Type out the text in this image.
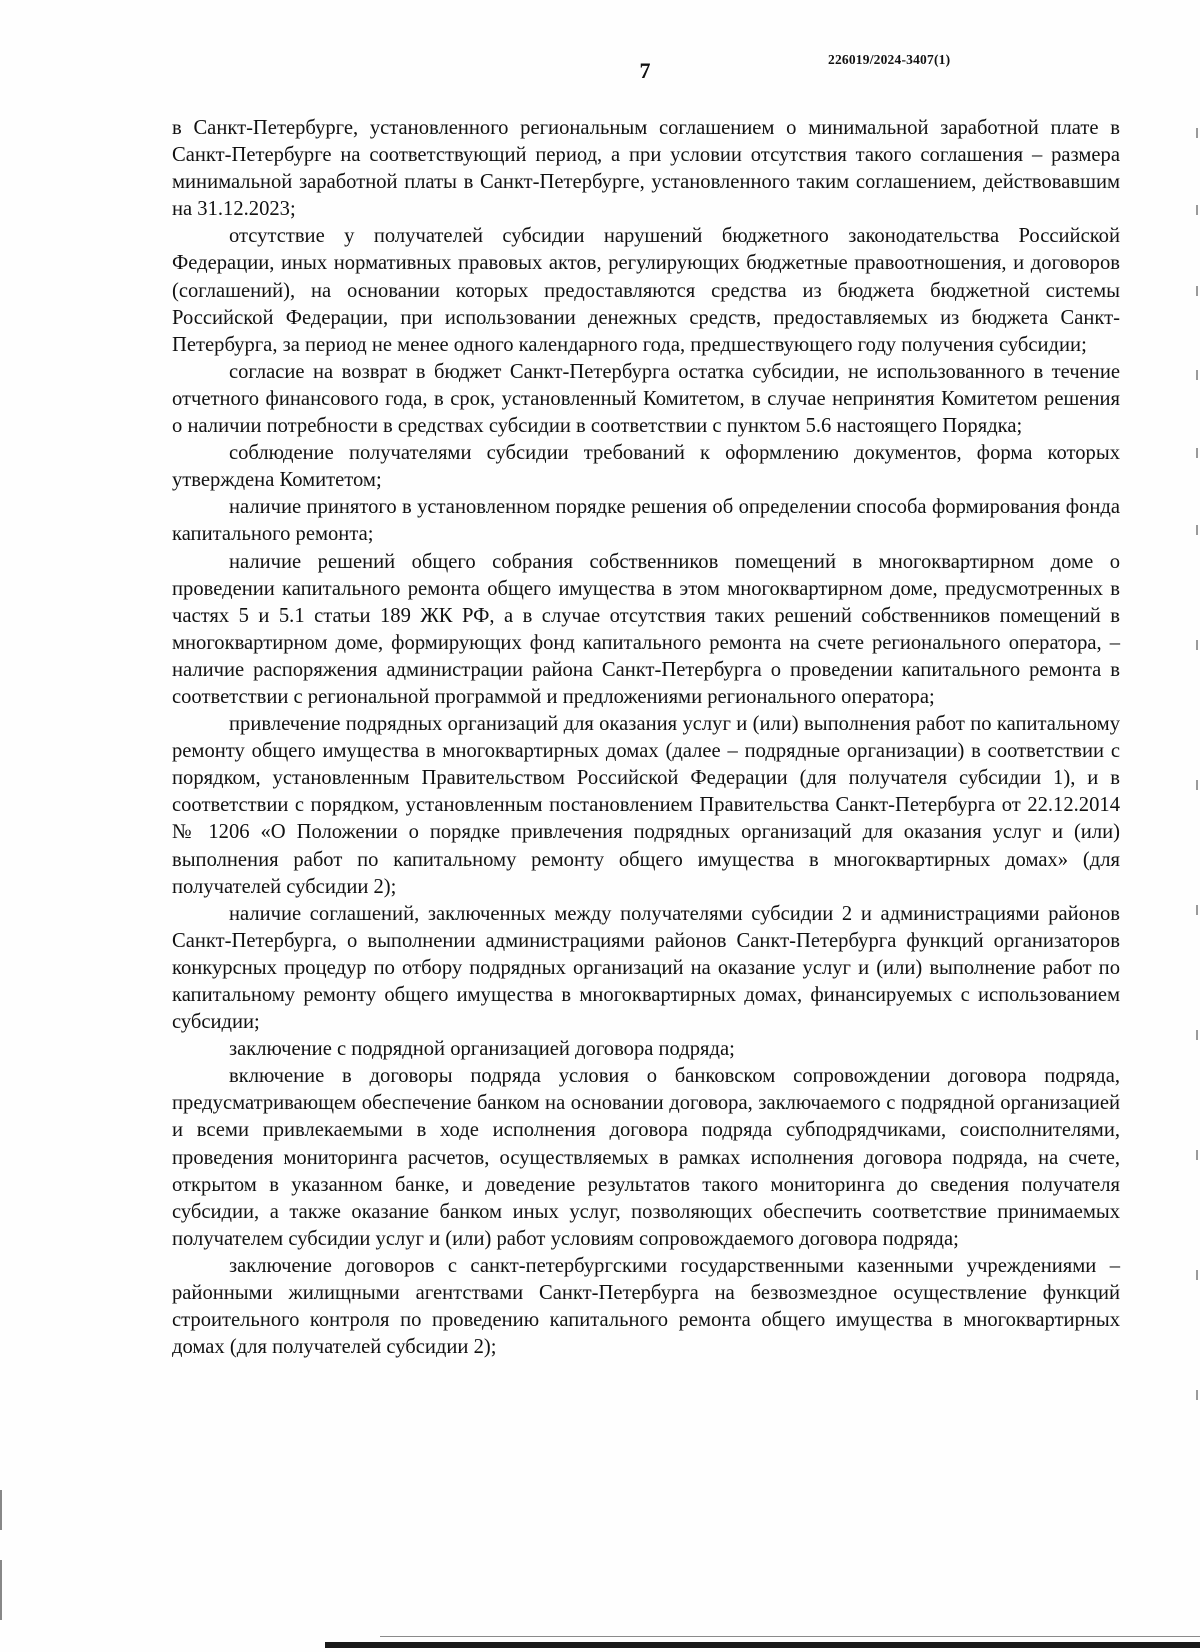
7	226019/2024-3407(1)

в Санкт-Петербурге, установленного региональным соглашением о минимальной заработной плате в Санкт-Петербурге на соответствующий период, а при условии отсутствия такого соглашения – размера минимальной заработной платы в Санкт-Петербурге, установленного таким соглашением, действовавшим на 31.12.2023;

отсутствие у получателей субсидии нарушений бюджетного законодательства Российской Федерации, иных нормативных правовых актов, регулирующих бюджетные правоотношения, и договоров (соглашений), на основании которых предоставляются средства из бюджета бюджетной системы Российской Федерации, при использовании денежных средств, предоставляемых из бюджета Санкт-Петербурга, за период не менее одного календарного года, предшествующего году получения субсидии;

согласие на возврат в бюджет Санкт-Петербурга остатка субсидии, не использованного в течение отчетного финансового года, в срок, установленный Комитетом, в случае непринятия Комитетом решения о наличии потребности в средствах субсидии в соответствии с пунктом 5.6 настоящего Порядка;

соблюдение получателями субсидии требований к оформлению документов, форма которых утверждена Комитетом;

наличие принятого в установленном порядке решения об определении способа формирования фонда капитального ремонта;

наличие решений общего собрания собственников помещений в многоквартирном доме о проведении капитального ремонта общего имущества в этом многоквартирном доме, предусмотренных в частях 5 и 5.1 статьи 189 ЖК РФ, а в случае отсутствия таких решений собственников помещений в многоквартирном доме, формирующих фонд капитального ремонта на счете регионального оператора, – наличие распоряжения администрации района Санкт-Петербурга о проведении капитального ремонта в соответствии с региональной программой и предложениями регионального оператора;

привлечение подрядных организаций для оказания услуг и (или) выполнения работ по капитальному ремонту общего имущества в многоквартирных домах (далее – подрядные организации) в соответствии с порядком, установленным Правительством Российской Федерации (для получателя субсидии 1), и в соответствии с порядком, установленным постановлением Правительства Санкт-Петербурга от 22.12.2014 № 1206 «О Положении о порядке привлечения подрядных организаций для оказания услуг и (или) выполнения работ по капитальному ремонту общего имущества в многоквартирных домах» (для получателей субсидии 2);

наличие соглашений, заключенных между получателями субсидии 2 и администрациями районов Санкт-Петербурга, о выполнении администрациями районов Санкт-Петербурга функций организаторов конкурсных процедур по отбору подрядных организаций на оказание услуг и (или) выполнение работ по капитальному ремонту общего имущества в многоквартирных домах, финансируемых с использованием субсидии;

заключение с подрядной организацией договора подряда;

включение в договоры подряда условия о банковском сопровождении договора подряда, предусматривающем обеспечение банком на основании договора, заключаемого с подрядной организацией и всеми привлекаемыми в ходе исполнения договора подряда субподрядчиками, соисполнителями, проведения мониторинга расчетов, осуществляемых в рамках исполнения договора подряда, на счете, открытом в указанном банке, и доведение результатов такого мониторинга до сведения получателя субсидии, а также оказание банком иных услуг, позволяющих обеспечить соответствие принимаемых получателем субсидии услуг и (или) работ условиям сопровождаемого договора подряда;

заключение договоров с санкт-петербургскими государственными казенными учреждениями – районными жилищными агентствами Санкт-Петербурга на безвозмездное осуществление функций строительного контроля по проведению капитального ремонта общего имущества в многоквартирных домах (для получателей субсидии 2);
